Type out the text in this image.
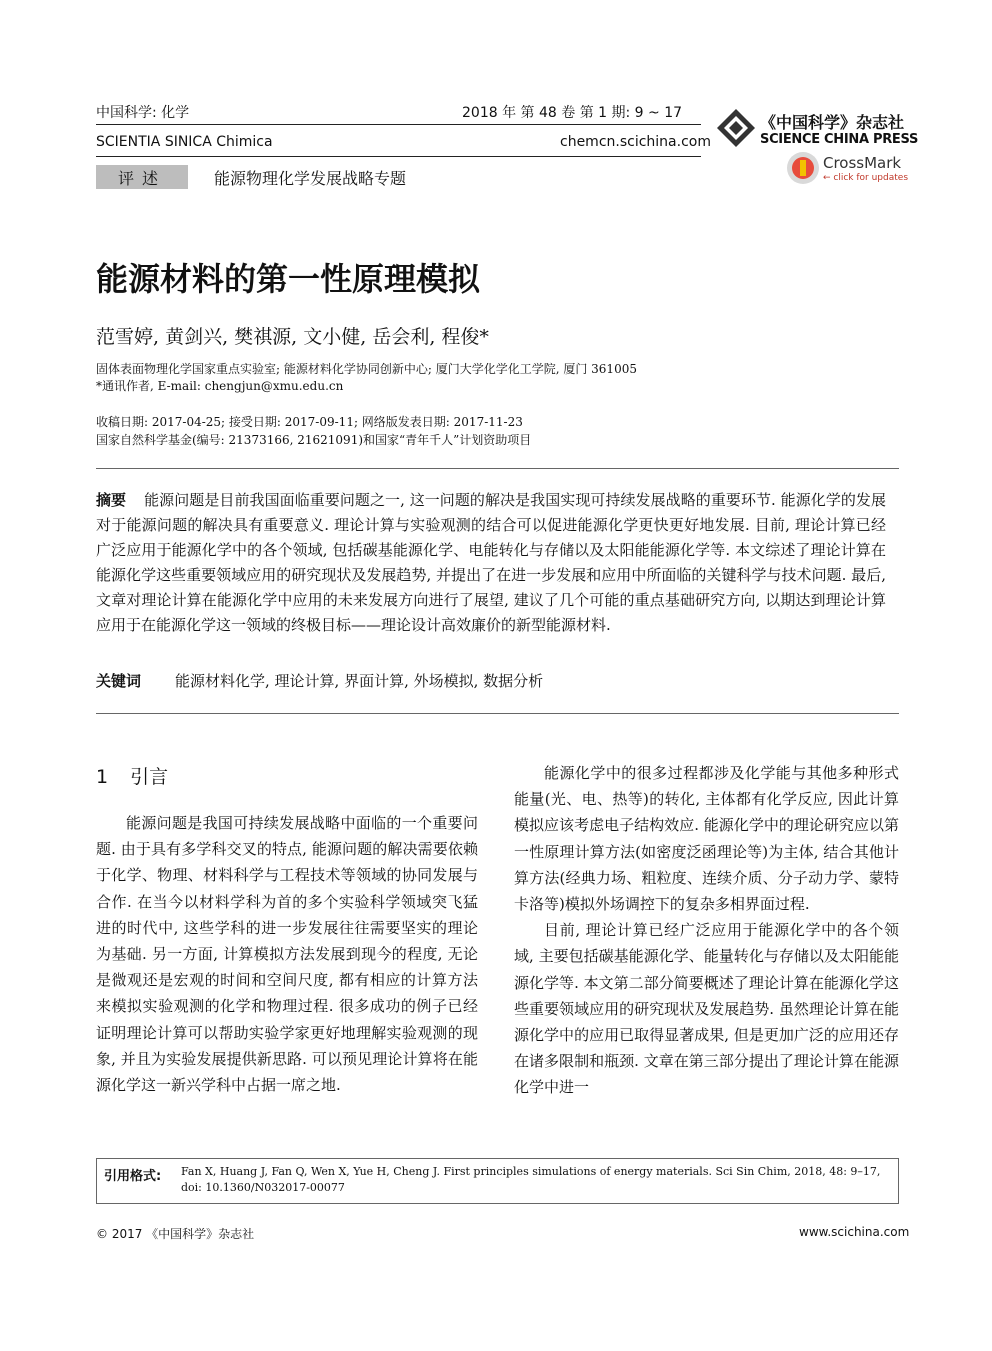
中国科学: 化学	2018 年 第 48 卷 第 1 期: 9 ~ 17
SCIENTIA SINICA Chimica	chemcn.scichina.com
《中国科学》杂志社
SCIENCE CHINA PRESS
CrossMark
← click for updates
评述	能源物理化学发展战略专题
能源材料的第一性原理模拟
范雪婷, 黄剑兴, 樊祺源, 文小健, 岳会利, 程俊*
固体表面物理化学国家重点实验室; 能源材料化学协同创新中心; 厦门大学化学化工学院, 厦门 361005
*通讯作者, E-mail: chengjun@xmu.edu.cn
收稿日期: 2017-04-25; 接受日期: 2017-09-11; 网络版发表日期: 2017-11-23
国家自然科学基金(编号: 21373166, 21621091)和国家“青年千人”计划资助项目
摘要 能源问题是目前我国面临重要问题之一, 这一问题的解决是我国实现可持续发展战略的重要环节. 能源化学的发展对于能源问题的解决具有重要意义. 理论计算与实验观测的结合可以促进能源化学更快更好地发展. 目前, 理论计算已经广泛应用于能源化学中的各个领域, 包括碳基能源化学、电能转化与存储以及太阳能能源化学等. 本文综述了理论计算在能源化学这些重要领域应用的研究现状及发展趋势, 并提出了在进一步发展和应用中所面临的关键科学与技术问题. 最后, 文章对理论计算在能源化学中应用的未来发展方向进行了展望, 建议了几个可能的重点基础研究方向, 以期达到理论计算应用于在能源化学这一领域的终极目标——理论设计高效廉价的新型能源材料.
关键词 能源材料化学, 理论计算, 界面计算, 外场模拟, 数据分析
1 引言

能源问题是我国可持续发展战略中面临的一个重要问题. 由于具有多学科交叉的特点, 能源问题的解决需要依赖于化学、物理、材料科学与工程技术等领域的协同发展与合作. 在当今以材料学科为首的多个实验科学领域突飞猛进的时代中, 这些学科的进一步发展往往需要坚实的理论为基础. 另一方面, 计算模拟方法发展到现今的程度, 无论是微观还是宏观的时间和空间尺度, 都有相应的计算方法来模拟实验观测的化学和物理过程. 很多成功的例子已经证明理论计算可以帮助实验学家更好地理解实验观测的现象, 并且为实验发展提供新思路. 可以预见理论计算将在能源化学这一新兴学科中占据一席之地.

能源化学中的很多过程都涉及化学能与其他多种形式能量(光、电、热等)的转化, 主体都有化学反应, 因此计算模拟应该考虑电子结构效应. 能源化学中的理论研究应以第一性原理计算方法(如密度泛函理论等)为主体, 结合其他计算方法(经典力场、粗粒度、连续介质、分子动力学、蒙特卡洛等)模拟外场调控下的复杂多相界面过程.

目前, 理论计算已经广泛应用于能源化学中的各个领域, 主要包括碳基能源化学、能量转化与存储以及太阳能能源化学等. 本文第二部分简要概述了理论计算在能源化学这些重要领域应用的研究现状及发展趋势. 虽然理论计算在能源化学中的应用已取得显著成果, 但是更加广泛的应用还存在诸多限制和瓶颈. 文章在第三部分提出了理论计算在能源化学中进一

引用格式: Fan X, Huang J, Fan Q, Wen X, Yue H, Cheng J. First principles simulations of energy materials. Sci Sin Chim, 2018, 48: 9–17, doi: 10.1360/N032017-00077
© 2017 《中国科学》杂志社	www.scichina.com
